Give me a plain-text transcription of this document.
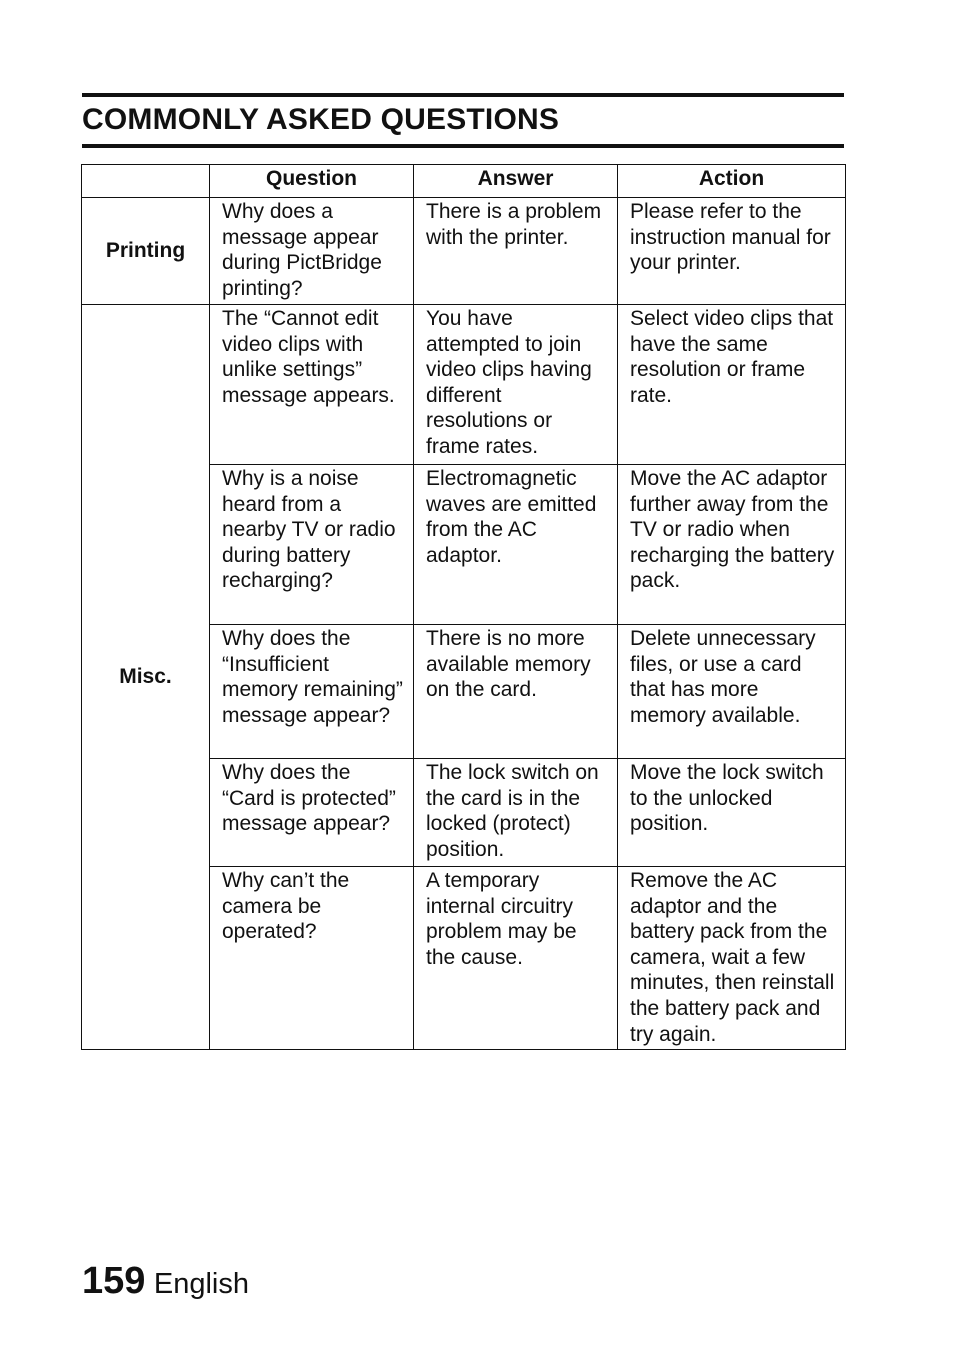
COMMONLY ASKED QUESTIONS
	Question	Answer	Action
Printing	Why does a message appear during PictBridge printing?	There is a problem with the printer.	Please refer to the instruction manual for your printer.
Misc.	The “Cannot edit video clips with unlike settings” message appears.	You have attempted to join video clips having different resolutions or frame rates.	Select video clips that have the same resolution or frame rate.
	Why is a noise heard from a nearby TV or radio during battery recharging?	Electromagnetic waves are emitted from the AC adaptor.	Move the AC adaptor further away from the TV or radio when recharging the battery pack.
	Why does the “Insufficient memory remaining” message appear?	There is no more available memory on the card.	Delete unnecessary files, or use a card that has more memory available.
	Why does the “Card is protected” message appear?	The lock switch on the card is in the locked (protect) position.	Move the lock switch to the unlocked position.
	Why can’t the camera be operated?	A temporary internal circuitry problem may be the cause.	Remove the AC adaptor and the battery pack from the camera, wait a few minutes, then reinstall the battery pack and try again.
159 English
